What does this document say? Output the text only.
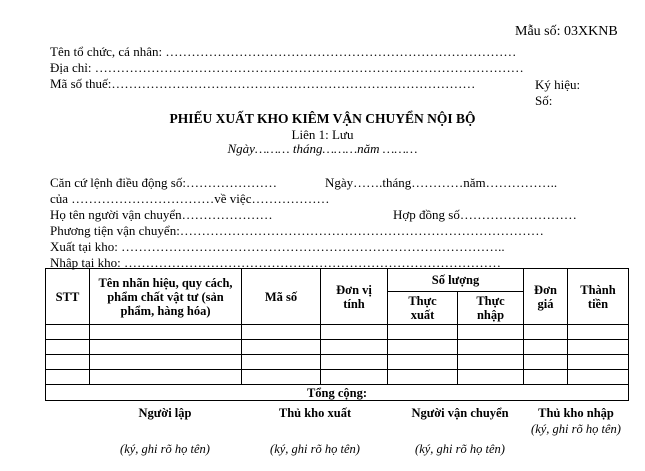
Mẫu số: 03XKNB
Tên tổ chức, cá nhân: ………………………………………………………………………
Địa chỉ: ………………………………………………………………………………………
Mã số thuế:…………………………………………………………………………	Ký hiệu:
Số:
PHIẾU XUẤT KHO KIÊM VẬN CHUYỂN NỘI BỘ
Liên 1: Lưu
Ngày……… tháng………năm ………
Căn cứ lệnh điều động số:…………………	Ngày…….tháng…………năm……………..
của ……………………………về việc………………
Họ tên người vận chuyển…………………	Hợp đồng số………………………
Phương tiện vận chuyển:…………………………………………………………………………
Xuất tại kho: ……………………………………………………………………………..
Nhập tại kho: ……………………………………………………………………………
STT	Tên nhãn hiệu, quy cách, phẩm chất vật tư (sản phẩm, hàng hóa)	Mã số	Đơn vị tính	Số lượng		Đơn giá	Thành tiền
				Thực xuất	Thực nhập		

Tổng cộng:							
Người lập
(ký, ghi rõ họ tên)
Thủ kho xuất
(ký, ghi rõ họ tên)
Người vận chuyển
(ký, ghi rõ họ tên)
Thủ kho nhập
(ký, ghi rõ họ tên)
